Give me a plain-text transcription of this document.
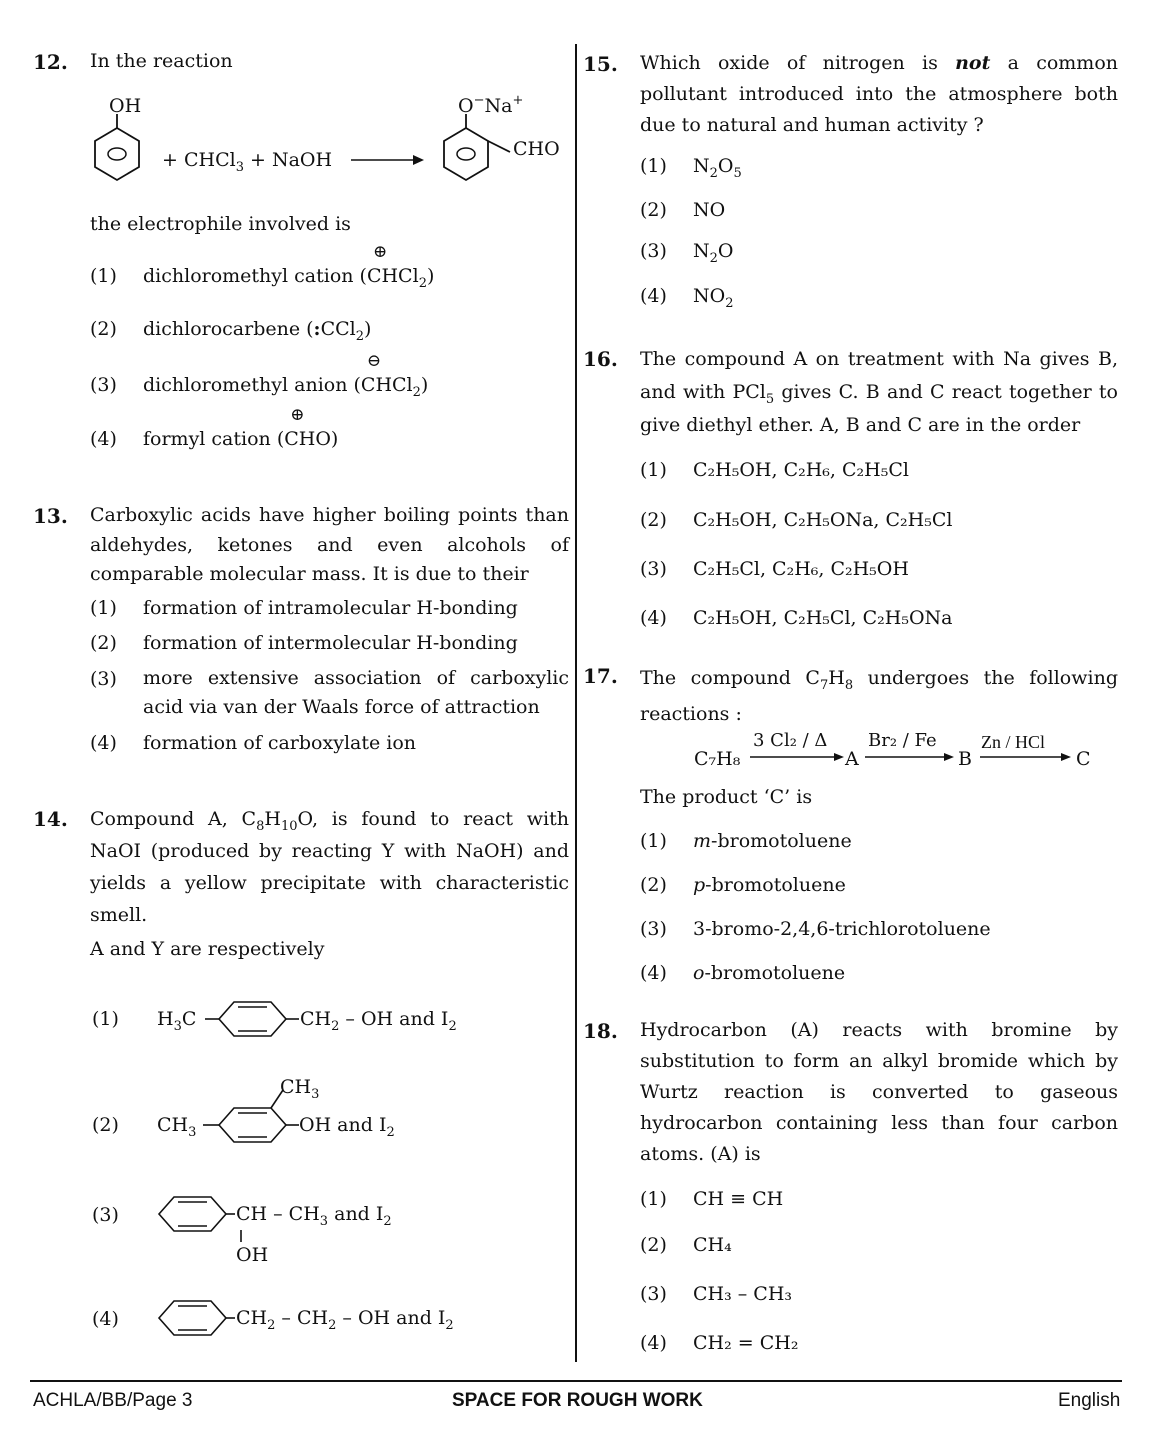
12. In the reaction
OH
+ CHCl$_3$ + NaOH
O−Na+
CHO
the electrophile involved is
(1) dichloromethyl cation (
⊕
CHCl$_2$)
(2) dichlorocarbene (:CCl$_2$)
(3) dichloromethyl anion (
⊖
CHCl$_2$)
(4) formyl cation (
⊕
CHO)
13. Carboxylic acids have higher boiling points than aldehydes, ketones and even alcohols of comparable molecular mass. It is due to their
(1) formation of intramolecular H-bonding
(2) formation of intermolecular H-bonding
(3)	more extensive association of carboxylic acid via van der Waals force of attraction
(4) formation of carboxylate ion
14. Compound A, $C_8H_{10}O$, is found to react with NaOI (produced by reacting Y with NaOH) and yields a yellow precipitate with characteristic smell.
A and Y are respectively
(1) $H_3C$	$CH_2$ – OH and $I_2$
(2) $CH_3$
$CH_3$
OH and $I_2$
(3)	CH – $CH_3$ and $I_2$
OH
(4)	$CH_2 - CH_2$ – OH and $I_2$
15. Which oxide of nitrogen is not a common pollutant introduced into the atmosphere both due to natural and human activity ?
(1) $N_2O_5$
(2) NO
(3) $N_2O$
(4) $NO_2$
16. The compound A on treatment with Na gives B, and with PCl$_5$ gives C. B and C react together to give diethyl ether. A, B and C are in the order
(1) C₂H₅OH, C₂H₆, C₂H₅Cl
(2) C₂H₅OH, C₂H₅ONa, C₂H₅Cl
(3) C₂H₅Cl, C₂H₆, C₂H₅OH
(4) C₂H₅OH, C₂H₅Cl, C₂H₅ONa
17. The compound $C_7H_8$ undergoes the following reactions :
C₇H₈
3 Cl₂ / Δ
A
Br₂ / Fe
B
Zn / HCl
C
The product ‘C’ is
(1) m-bromotoluene
(2) p-bromotoluene
(3) 3-bromo-2,4,6-trichlorotoluene
(4) o-bromotoluene
18. Hydrocarbon (A) reacts with bromine by substitution to form an alkyl bromide which by Wurtz reaction is converted to gaseous hydrocarbon containing less than four carbon atoms. (A) is
(1) CH ≡ CH
(2) CH₄
(3) CH₃ – CH₃
(4) CH₂ = CH₂
ACHLA/BB/Page 3	SPACE FOR ROUGH WORK	English
